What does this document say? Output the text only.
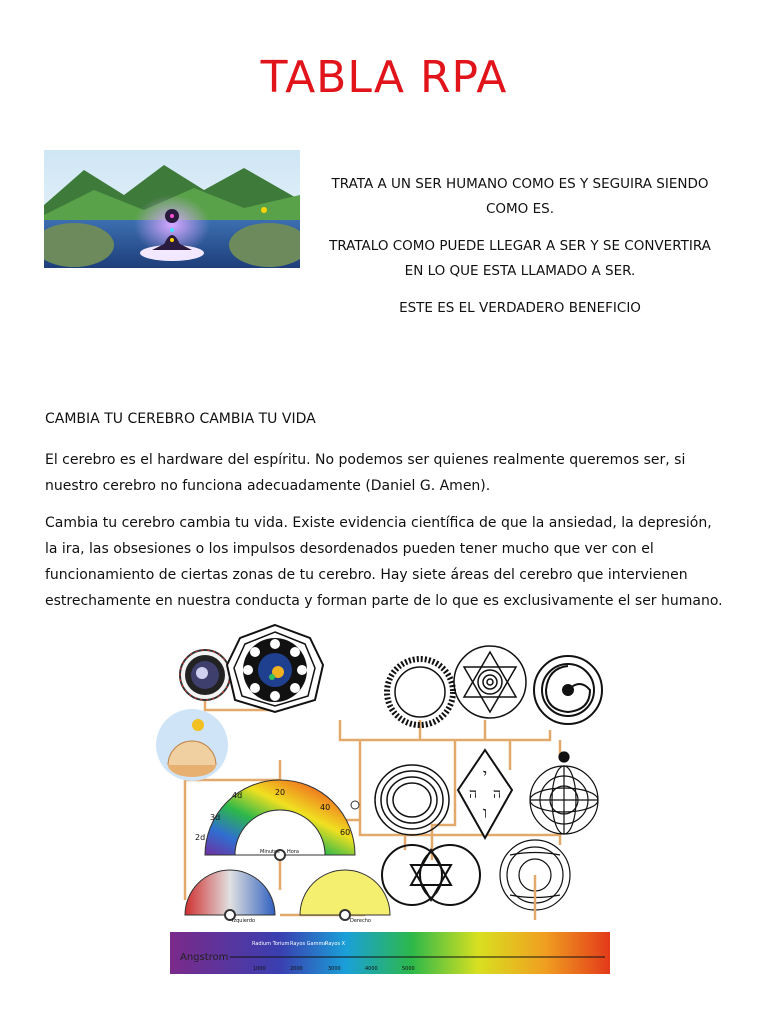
TABLA RPA

TRATA A UN SER HUMANO COMO ES Y SEGUIRA SIENDO COMO ES.

TRATALO COMO PUEDE LLEGAR A SER Y SE CONVERTIRA EN LO QUE ESTA LLAMADO A SER.

ESTE ES EL VERDADERO BENEFICIO

CAMBIA TU CEREBRO CAMBIA TU VIDA

El cerebro es el hardware del espíritu. No podemos ser quienes realmente queremos ser, si nuestro cerebro no funciona adecuadamente (Daniel G. Amen).

Cambia tu cerebro cambia tu vida. Existe evidencia científica de que la ansiedad, la depresión, la ira, las obsesiones o los impulsos desordenados pueden tener mucho que ver con el funcionamiento de ciertas zonas de tu cerebro. Hay siete áreas del cerebro que intervienen estrechamente en nuestra conducta y forman parte de lo que es exclusivamente el ser humano.

י
ה ה
ו
4d
3d
2d
20
40
60
Minutos Hora
Izquierdo	Derecho
Angstrom
1000	2000	3000	4000	5000
Radium Torium Rayos Gamma
Rayos X
